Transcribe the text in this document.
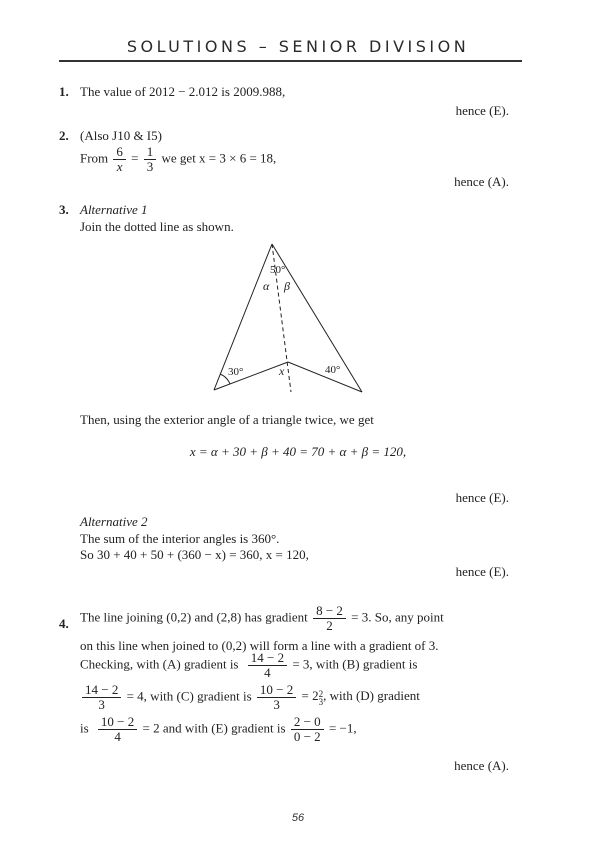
SOLUTIONS – SENIOR DIVISION
1. The value of 2012 − 2.012 is 2009.988,
hence (E).
2. (Also J10 & I5)
From $\frac{6}{x} = \frac{1}{3}$ we get x = 3 × 6 = 18,
hence (A).
3. Alternative 1
Join the dotted line as shown.
50°
α β
30°	x	40°
Then, using the exterior angle of a triangle twice, we get
x = α + 30 + β + 40 = 70 + α + β = 120,
hence (E).
Alternative 2
The sum of the interior angles is 360°.
So 30 + 40 + 50 + (360 − x) = 360, x = 120,
hence (E).
4. The line joining (0,2) and (2,8) has gradient $\frac{8 - 2}{2} = 3$. So, any point
on this line when joined to (0,2) will form a line with a gradient of 3.
Checking, with (A) gradient is $\frac{14 - 2}{4} = 3$, with (B) gradient is
$\frac{14 - 2}{3} = 4$, with (C) gradient is $\frac{10 - 2}{3} = 2$ 2
3 , with (D) gradient
is $\frac{10 - 2}{4} = 2$ and with (E) gradient is $\frac{2 - 0}{0 - 2} = -1$,
hence (A).
56
